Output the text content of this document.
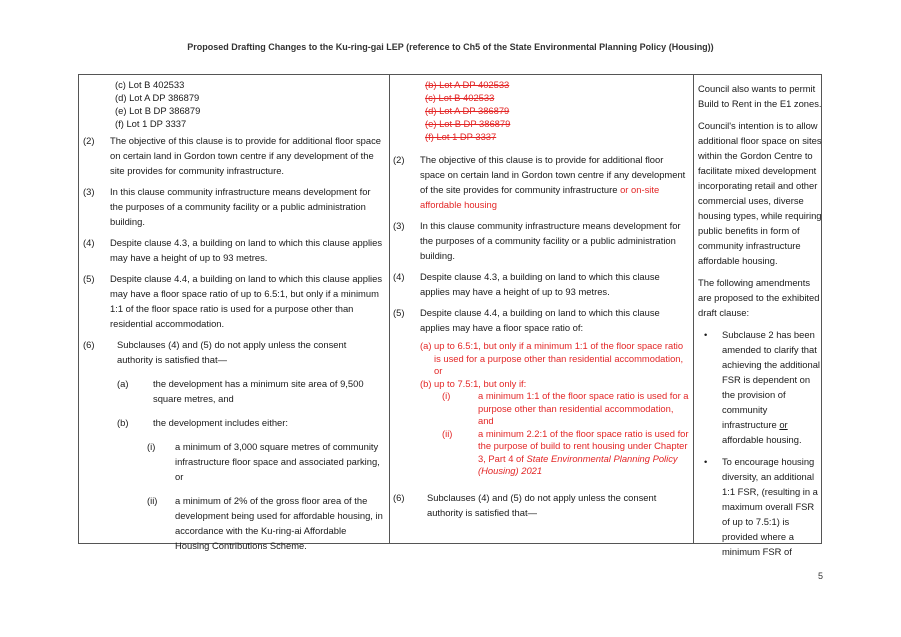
Proposed Drafting Changes to the Ku-ring-gai LEP (reference to Ch5 of the State Environmental Planning Policy (Housing))
(c) Lot B 402533
(d) Lot A DP 386879
(e) Lot B DP 386879
(f) Lot 1 DP 3337
(2)	The objective of this clause is to provide for additional floor space on certain land in Gordon town centre if any development of the site provides for community infrastructure.
(3)	In this clause community infrastructure means development for the purposes of a community facility or a public administration building.
(4)	Despite clause 4.3, a building on land to which this clause applies may have a height of up to 93 metres.
(5)	Despite clause 4.4, a building on land to which this clause applies may have a floor space ratio of up to 6.5:1, but only if a minimum 1:1 of the floor space ratio is used for a purpose other than residential accommodation.
(6)	Subclauses (4) and (5) do not apply unless the consent authority is satisfied that—
(a)	the development has a minimum site area of 9,500 square metres, and
(b)	the development includes either:
(i)	a minimum of 3,000 square metres of community infrastructure floor space and associated parking, or
(ii)	a minimum of 2% of the gross floor area of the development being used for affordable housing, in accordance with the Ku-ring-ai Affordable Housing Contributions Scheme.
(b) Lot A DP 402533
(c) Lot B 402533
(d) Lot A DP 386879
(e) Lot B DP 386879
(f) Lot 1 DP 3337
(2)	The objective of this clause is to provide for additional floor space on certain land in Gordon town centre if any development of the site provides for community infrastructure or on-site affordable housing
(3)	In this clause community infrastructure means development for the purposes of a community facility or a public administration building.
(4)	Despite clause 4.3, a building on land to which this clause applies may have a height of up to 93 metres.
(5)	Despite clause 4.4, a building on land to which this clause applies may have a floor space ratio of:
(a) up to 6.5:1, but only if a minimum 1:1 of the floor space ratio is used for a purpose other than residential accommodation, or
(b) up to 7.5:1, but only if:
(i)	a minimum 1:1 of the floor space ratio is used for a purpose other than residential accommodation, and
(ii)	a minimum 2.2:1 of the floor space ratio is used for the purpose of build to rent housing under Chapter 3, Part 4 of State Environmental Planning Policy (Housing) 2021
(6)	Subclauses (4) and (5) do not apply unless the consent authority is satisfied that—
Council also wants to permit Build to Rent in the E1 zones.
Council's intention is to allow additional floor space on sites within the Gordon Centre to facilitate mixed development incorporating retail and other commercial uses, diverse housing types, while requiring public benefits in form of community infrastructure affordable housing.
The following amendments are proposed to the exhibited draft clause:
•	Subclause 2 has been amended to clarify that achieving the additional FSR is dependent on the provision of community infrastructure or affordable housing.
•	To encourage housing diversity, an additional 1:1 FSR, (resulting in a maximum overall FSR of up to 7.5:1) is provided where a minimum FSR of
5
